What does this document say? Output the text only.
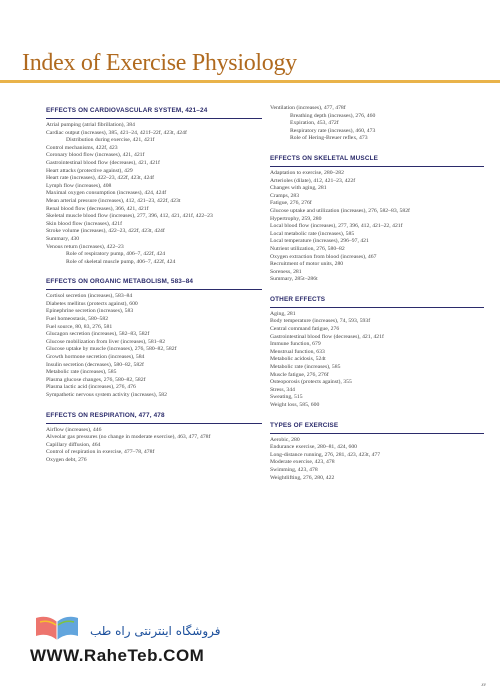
Index of Exercise Physiology
EFFECTS ON CARDIOVASCULAR SYSTEM, 421–24
Atrial pumping (atrial fibrillation), 384
Cardiac output (increases), 385, 421–24, 421f–22f, 423t, 424f
Distribution during exercise, 421, 421f
Control mechanisms, 422f, 423
Coronary blood flow (increases), 421, 421f
Gastrointestinal blood flow (decreases), 421, 421f
Heart attacks (protective against), 429
Heart rate (increases), 422–23, 422f, 423t, 424f
Lymph flow (increases), 408
Maximal oxygen consumption (increases), 424, 424f
Mean arterial pressure (increases), 412, 421–23, 422f, 423t
Renal blood flow (decreases), 366, 421, 421f
Skeletal muscle blood flow (increases), 277, 396, 412, 421, 421f, 422–23
Skin blood flow (increases), 421f
Stroke volume (increases), 422–23, 422f, 423t, 424f
Summary, 430
Venous return (increases), 422–23
Role of respiratory pump, 406–7, 422f, 424
Role of skeletal muscle pump, 406–7, 422f, 424
EFFECTS ON ORGANIC METABOLISM, 583–84
Cortisol secretion (increases), 583–84
Diabetes mellitus (protects against), 600
Epinephrine secretion (increases), 583
Fuel homeostasis, 580–582
Fuel source, 80, 83, 276, 581
Glucagon secretion (increases), 582–83, 582f
Glucose mobilization from liver (increases), 581–82
Glucose uptake by muscle (increases), 276, 580–82, 582f
Growth hormone secretion (increases), 584
Insulin secretion (decreases), 580–82, 582f
Metabolic rate (increases), 585
Plasma glucose changes, 276, 580–82, 582f
Plasma lactic acid (increases), 276, 476
Sympathetic nervous system activity (increases), 582
EFFECTS ON RESPIRATION, 477, 478
Airflow (increases), 446
Alveolar gas pressures (no change in moderate exercise), 463, 477, 478f
Capillary diffusion, 464
Control of respiration in exercise, 477–78, 478f
Oxygen debt, 276
Ventilation (increases), 477, 478f
Breathing depth (increases), 276, 460
Expiration, 453, 472f
Respiratory rate (increases), 460, 473
Role of Hering-Breuer reflex, 473
EFFECTS ON SKELETAL MUSCLE
Adaptation to exercise, 280–282
Arterioles (dilate), 412, 421–23, 422f
Changes with aging, 281
Cramps, 283
Fatigue, 276, 276f
Glucose uptake and utilization (increases), 276, 582–83, 582f
Hypertrophy, 259, 280
Local blood flow (increases), 277, 396, 412, 421–22, 421f
Local metabolic rate (increases), 585
Local temperature (increases), 296–97, 421
Nutrient utilization, 276, 580–82
Oxygen extraction from blood (increases), 467
Recruitment of motor units, 280
Soreness, 281
Summary, 285t–286t
OTHER EFFECTS
Aging, 281
Body temperature (increases), 74, 593, 593f
Central command fatigue, 276
Gastrointestinal blood flow (decreases), 421, 421f
Immune function, 679
Menstrual function, 633
Metabolic acidosis, 524t
Metabolic rate (increases), 585
Muscle fatigue, 276, 276f
Osteoporosis (protects against), 355
Stress, 344
Sweating, 515
Weight loss, 585, 600
TYPES OF EXERCISE
Aerobic, 280
Endurance exercise, 280–81, 424, 600
Long-distance running, 276, 281, 423, 423t, 477
Moderate exercise, 423, 478
Swimming, 423, 478
Weightlifting, 276, 280, 422
فروشگاه اینترنتی راه طب
WWW.RaheTeb.COM
xv
